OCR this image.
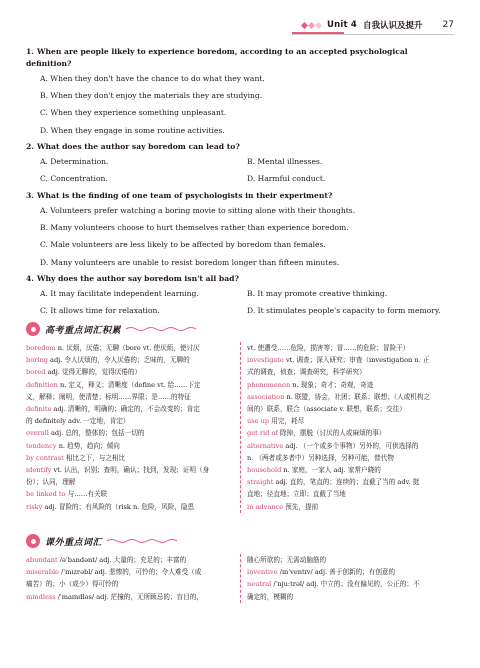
Unit 4 自我认识及提升 27
1. When are people likely to experience boredom, according to an accepted psychological definition?
A. When they don't have the chance to do what they want.
B. When they don't enjoy the materials they are studying.
C. When they experience something unpleasant.
D. When they engage in some routine activities.
2. What does the author say boredom can lead to?
A. Determination.	B. Mental illnesses.
C. Concentration.	D. Harmful conduct.
3. What is the finding of one team of psychologists in their experiment?
A. Volunteers prefer watching a boring movie to sitting alone with their thoughts.
B. Many volunteers choose to hurt themselves rather than experience boredom.
C. Male volunteers are less likely to be affected by boredom than females.
D. Many volunteers are unable to resist boredom longer than fifteen minutes.
4. Why does the author say boredom isn't all bad?
A. It may facilitate independent learning.	B. It may promote creative thinking.
C. It allows time for relaxation.	D. It stimulates people's capacity to form memory.
高考重点词汇积累
boredom n. 厌烦，厌倦；无聊（bore vt. 使厌烦，使讨厌
boring adj. 令人厌烦的，令人厌倦的；乏味的，无聊的
bored adj. 觉得无聊的，觉得厌倦的）
definition n. 定义，释义；清晰度（define vt. 给……下定
义，解释；阐明，使清楚；标明……界限；是……的特征
definite adj. 清晰的，明确的；确定的，不会改变的；肯定
的 definitely adv. 一定地，肯定）
overall adj. 总的，整体的；包括一切的
tendency n. 趋势，趋向；倾向
by contrast 相比之下，与之相比
identify vt. 认出，识别；查明，确认；找到，发现；证明（身
份）；认同，理解
be linked to 与……有关联
risky adj. 冒险的；有风险的（risk n. 危险，风险，隐患
vt. 使遭受……危险，损害等；冒……的危险；冒险干）
investigate vt. 调查；深入研究；审查（investigation n. 正
式的调查，侦查；调查研究，科学研究）
phenomenon n. 现象；奇才；奇观，奇迹
association n. 联盟，协会，社团；联系；联想；（人或机构之
间的）联系，联合（associate v. 联想，联系；交往）
use up 用完，耗尽
get rid of 除掉，摆脱（讨厌的人或麻烦的事）
alternative adj. （一个或多个事物）另外的，可供选择的
n. （两者或多者中）另种选择，另种可能，替代物
household n. 家庭，一家人 adj. 家常户晓的
straight adj. 直的，笔直的；连续的；直截了当的 adv. 挺
直地；径直地；立即；直截了当地
in advance 预先，提前
课外重点词汇
abundant /əˈbʌndənt/ adj. 大量的；充足的；丰富的
miserable /ˈmɪzrəbl/ adj. 悲惨的，可怜的；令人难受（或
痛苦）的；小（或少）得可怜的
mindless /ˈmaɪndləs/ adj. 茫撞的，无所顾忌的；盲目的，
随心所欲的；无需动脑筋的
inventive /ɪnˈventɪv/ adj. 善于创新的；有创意的
neutral /ˈnjuːtrəl/ adj. 中立的；没有偏见的，公正的；不
确定的，模糊的
